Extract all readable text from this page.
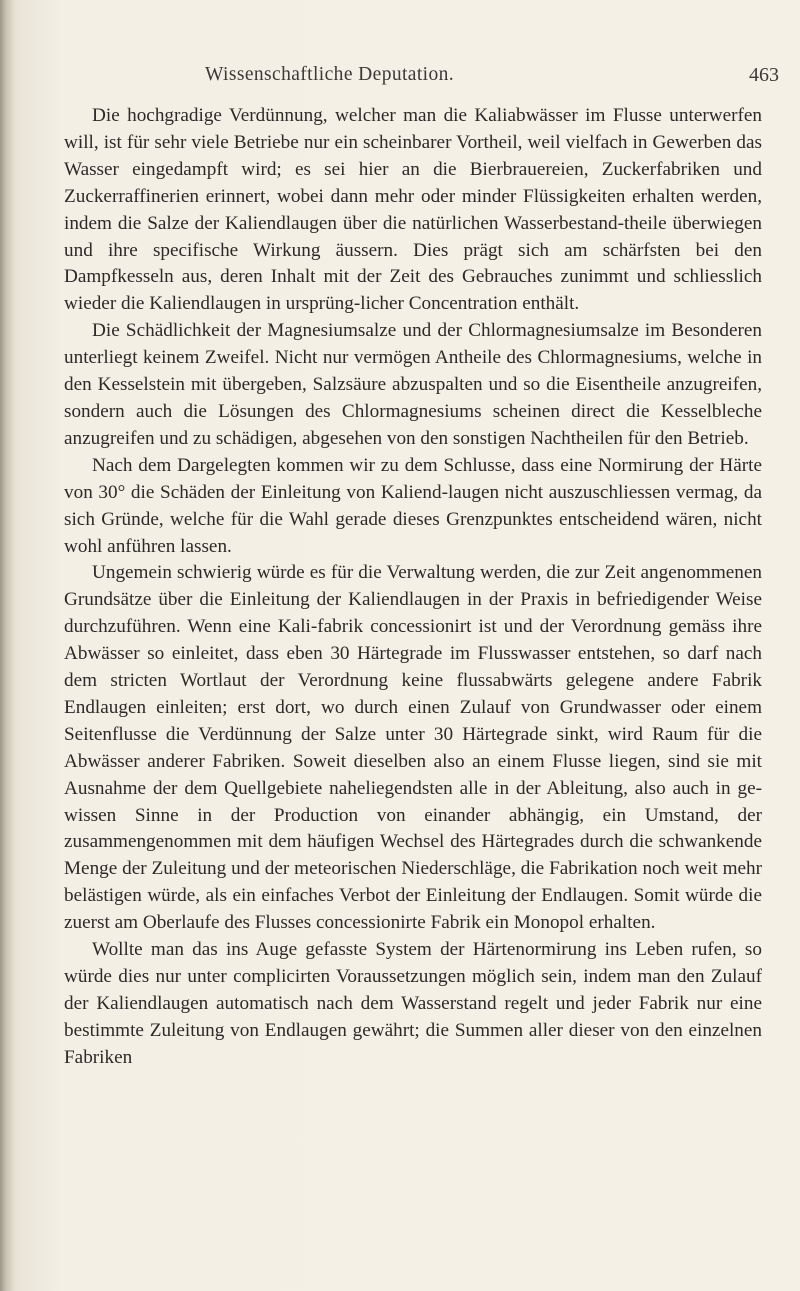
Wissenschaftliche Deputation.	463

Die hochgradige Verdünnung, welcher man die Kaliabwässer im Flusse unterwerfen will, ist für sehr viele Betriebe nur ein scheinbarer Vortheil, weil vielfach in Gewerben das Wasser eingedampft wird; es sei hier an die Bierbrauereien, Zuckerfabriken und Zuckerraffinerien erinnert, wobei dann mehr oder minder Flüssigkeiten erhalten werden, indem die Salze der Kaliendlaugen über die natürlichen Wasserbestand-theile überwiegen und ihre specifische Wirkung äussern. Dies prägt sich am schärfsten bei den Dampfkesseln aus, deren Inhalt mit der Zeit des Gebrauches zunimmt und schliesslich wieder die Kaliendlaugen in ursprüng-licher Concentration enthält.

Die Schädlichkeit der Magnesiumsalze und der Chlormagnesiumsalze im Besonderen unterliegt keinem Zweifel. Nicht nur vermögen Antheile des Chlormagnesiums, welche in den Kesselstein mit übergeben, Salzsäure abzuspalten und so die Eisentheile anzugreifen, sondern auch die Lösungen des Chlormagnesiums scheinen direct die Kesselbleche anzugreifen und zu schädigen, abgesehen von den sonstigen Nachtheilen für den Betrieb.

Nach dem Dargelegten kommen wir zu dem Schlusse, dass eine Normirung der Härte von 30° die Schäden der Einleitung von Kaliend-laugen nicht auszuschliessen vermag, da sich Gründe, welche für die Wahl gerade dieses Grenzpunktes entscheidend wären, nicht wohl anführen lassen.

Ungemein schwierig würde es für die Verwaltung werden, die zur Zeit angenommenen Grundsätze über die Einleitung der Kaliendlaugen in der Praxis in befriedigender Weise durchzuführen. Wenn eine Kali-fabrik concessionirt ist und der Verordnung gemäss ihre Abwässer so einleitet, dass eben 30 Härtegrade im Flusswasser entstehen, so darf nach dem stricten Wortlaut der Verordnung keine flussabwärts gelegene andere Fabrik Endlaugen einleiten; erst dort, wo durch einen Zulauf von Grundwasser oder einem Seitenflusse die Verdünnung der Salze unter 30 Härtegrade sinkt, wird Raum für die Abwässer anderer Fabriken. Soweit dieselben also an einem Flusse liegen, sind sie mit Ausnahme der dem Quellgebiete naheliegendsten alle in der Ableitung, also auch in ge-wissen Sinne in der Production von einander abhängig, ein Umstand, der zusammengenommen mit dem häufigen Wechsel des Härtegrades durch die schwankende Menge der Zuleitung und der meteorischen Niederschläge, die Fabrikation noch weit mehr belästigen würde, als ein einfaches Verbot der Einleitung der Endlaugen. Somit würde die zuerst am Oberlaufe des Flusses concessionirte Fabrik ein Monopol erhalten.

Wollte man das ins Auge gefasste System der Härtenormirung ins Leben rufen, so würde dies nur unter complicirten Voraussetzungen möglich sein, indem man den Zulauf der Kaliendlaugen automatisch nach dem Wasserstand regelt und jeder Fabrik nur eine bestimmte Zuleitung von Endlaugen gewährt; die Summen aller dieser von den einzelnen Fabriken
